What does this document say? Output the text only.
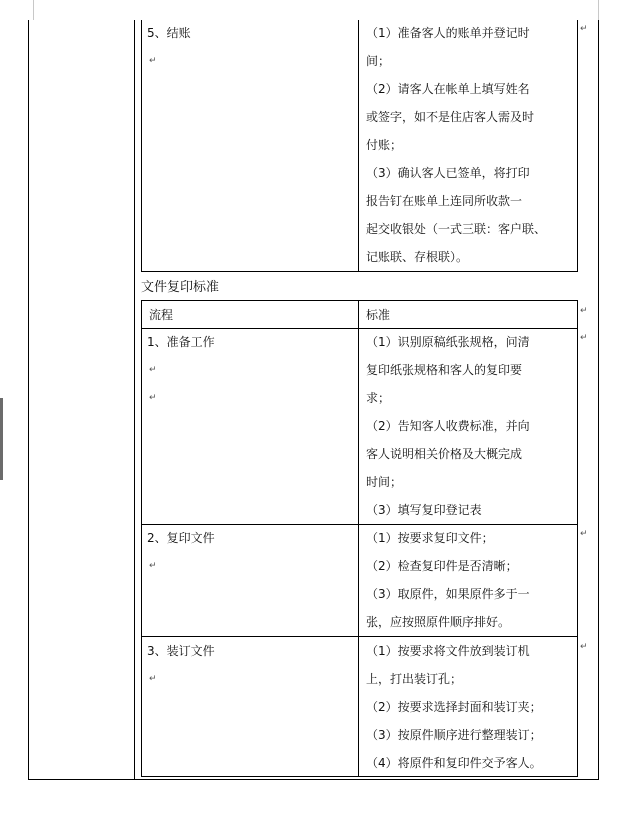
5、结账
↵
↵
（1）准备客人的账单并登记时
间；
（2）请客人在帐单上填写姓名
或签字，如不是住店客人需及时
付账；
（3）确认客人已签单，将打印
报告钉在账单上连同所收款一
起交收银处（一式三联：客户联、
记账联、存根联）。
文件复印标准
流程	标准	↵
1、准备工作
↵
↵
↵
（1）识别原稿纸张规格，问清
复印纸张规格和客人的复印要
求；
（2）告知客人收费标准，并向
客人说明相关价格及大概完成
时间；
（3）填写复印登记表
2、复印文件
↵
↵
（1）按要求复印文件；
（2）检查复印件是否清晰；
（3）取原件，如果原件多于一
张，应按照原件顺序排好。
3、装订文件
↵
↵
（1）按要求将文件放到装订机
上，打出装订孔；
（2）按要求选择封面和装订夹；
（3）按原件顺序进行整理装订；
（4）将原件和复印件交予客人。
